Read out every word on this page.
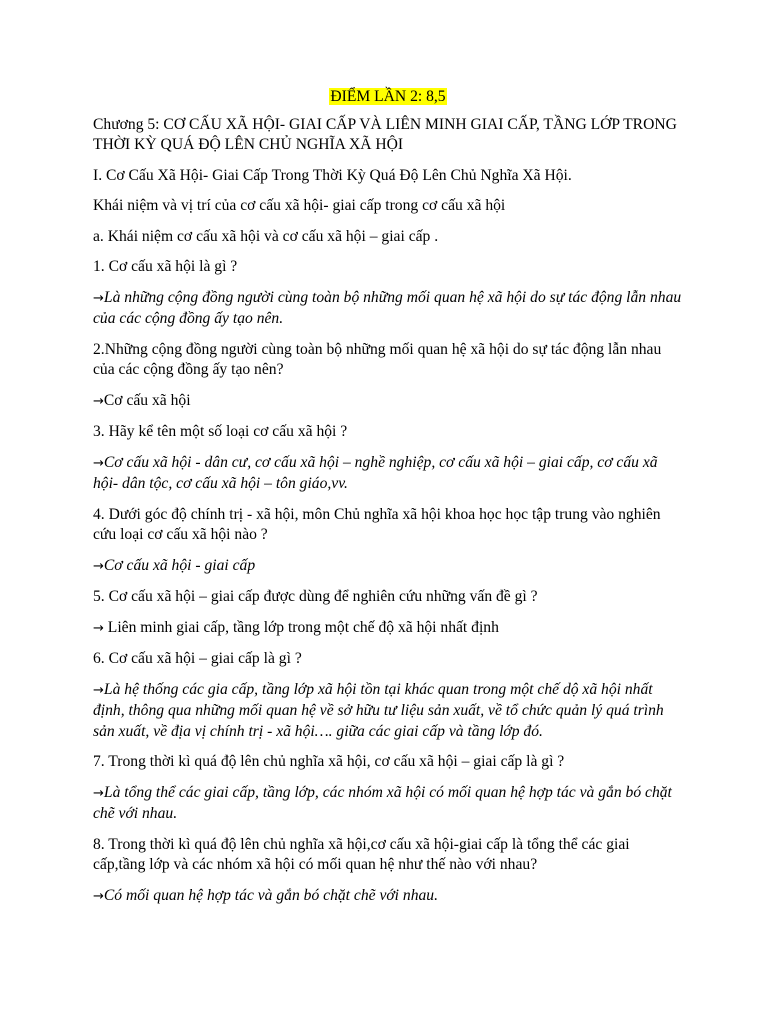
ĐIỂM LẦN 2: 8,5

Chương 5: CƠ CẤU XÃ HỘI- GIAI CẤP VÀ LIÊN MINH GIAI CẤP, TẦNG LỚP TRONG THỜI KỲ QUÁ ĐỘ LÊN CHỦ NGHĨA XÃ HỘI

I. Cơ Cấu Xã Hội- Giai Cấp Trong Thời Kỳ Quá Độ Lên Chủ Nghĩa Xã Hội.

Khái niệm và vị trí của cơ cấu xã hội- giai cấp trong cơ cấu xã hội

a. Khái niệm cơ cấu xã hội và cơ cấu xã hội – giai cấp .

1. Cơ cấu xã hội là gì ?

→Là những cộng đồng người cùng toàn bộ những mối quan hệ xã hội do sự tác động lẫn nhau của các cộng đồng ấy tạo nên.

2.Những cộng đồng người cùng toàn bộ những mối quan hệ xã hội do sự tác động lẫn nhau của các cộng đồng ấy tạo nên?

→Cơ cấu xã hội

3. Hãy kể tên một số loại cơ cấu xã hội ?

→Cơ cấu xã hội - dân cư, cơ cấu xã hội – nghề nghiệp, cơ cấu xã hội – giai cấp, cơ cấu xã hội- dân tộc, cơ cấu xã hội – tôn giáo,vv.

4. Dưới góc độ chính trị - xã hội, môn Chủ nghĩa xã hội khoa học học tập trung vào nghiên cứu loại cơ cấu xã hội nào ?

→Cơ cấu xã hội - giai cấp

5. Cơ cấu xã hội – giai cấp được dùng để nghiên cứu những vấn đề gì ?

→ Liên minh giai cấp, tầng lớp trong một chế độ xã hội nhất định

6. Cơ cấu xã hội – giai cấp là gì ?

→Là hệ thống các gia cấp, tầng lớp xã hội tồn tại khác quan trong một chế dộ xã hội nhất định, thông qua những mối quan hệ về sở hữu tư liệu sản xuất, về tổ chức quản lý quá trình sản xuất, về địa vị chính trị - xã hội…. giữa các giai cấp và tầng lớp đó.

7. Trong thời kì quá độ lên chủ nghĩa xã hội, cơ cấu xã hội – giai cấp là gì ?

→Là tổng thể các giai cấp, tầng lớp, các nhóm xã hội có mối quan hệ hợp tác và gắn bó chặt chẽ với nhau.

8. Trong thời kì quá độ lên chủ nghĩa xã hội,cơ cấu xã hội-giai cấp là tổng thể các giai cấp,tầng lớp và các nhóm xã hội có mối quan hệ như thế nào với nhau?

→Có mối quan hệ hợp tác và gắn bó chặt chẽ với nhau.
